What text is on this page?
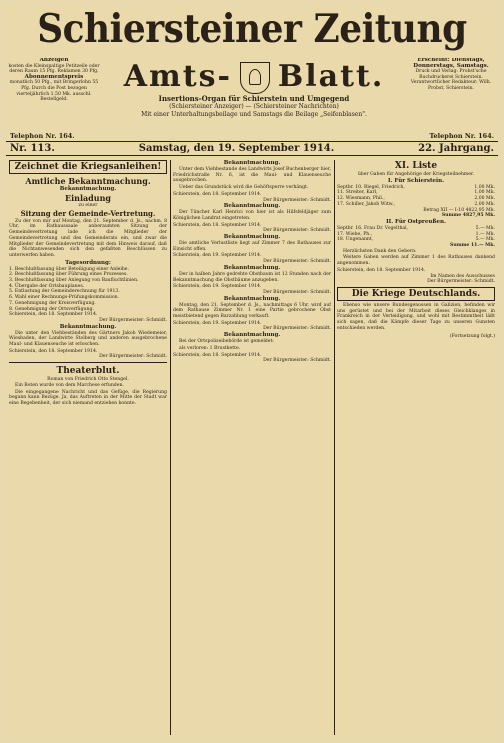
Schiersteiner Zeitung
Anzeigen
kosten die Kleinspaltige Petitzeile oder deren Raum 15 Pfg. Reklamen 30 Pfg.
Abonnementspreis
monatlich 50 Pfg., mit Bringerlohn 55 Pfg. Durch die Post bezogen vierteljährlich 1.50 Mk. ausschl. Bestellgeld.
Amts- Blatt.
Insertions-Organ für Schierstein und Umgegend
(Schiersteiner Anzeiger) — (Schiersteiner Nachrichten)
Mit einer Unterhaltungsbeilage und Samstags die Beilage „Seifenblasen".
Erscheint: Dienstags, Donnerstags, Samstags.
Druck und Verlag: Probst'sche Buchdruckerei Schierstein.
Verantwortlicher Redakteur: Wilh. Probst, Schierstein.
Telephon Nr. 164.	Telephon Nr. 164.
Nr. 113.	Samstag, den 19. September 1914.	22. Jahrgang.
Zeichnet die Kriegsanleihen!
Amtliche Bekanntmachung.
Bekanntmachung.
Einladung
zu einer
Sitzung der Gemeinde-Vertretung.

Zu der von mir auf Montag, den 21. September d. Js., nachm. 8 Uhr, im Rathaussaale anberaumten Sitzung der Gemeindevertretung lade ich die Mitglieder der Gemeindevertretung und des Gemeinderats ein, und zwar die Mitglieder der Gemeindevertretung mit dem Hinweis darauf, daß die Nichtanwesenden sich den gefaßten Beschlüssen zu unterwerfen haben.

Tagesordnung:
1. Beschlußfassung über Beteiligung einer Anleihe.
2. Beschlußfassung über Führung eines Prozesses.
3. Beschlußfassung über Anlegung von Baufluchtlinien.
4. Übergabe der Ortsbauplanes.
5. Entlastung der Gemeinderechnung für 1913.
6. Wahl einer Rechnungs-Prüfungskommission.
7. Genehmigung der Kreisverfügung.
8. Genehmigung der Ortsverfügung.
Schierstein, den 18. September 1914.
Der Bürgermeister: Schmidt.
Bekanntmachung.

Die unter den Viehbeständen des Gärtners Jakob Wiedemeier, Wiesbaden, der Landwirte Stolberg und anderen ausgebrochene Maul- und Klauenseuche ist erloschen.

Schierstein, den 18. September 1914.
Der Bürgermeister: Schmidt.
Theaterblut.
Roman von Friedrich Otto Stengel.

Ein Boten wurde von dem Marchese erfunden.

Die eingegangene Nachricht und das Gefüge, die Regierung begann kann Bezüge. Ja, das Auftreten in der Mitte der Stadt war eine Begebenheit, der sich niemand entziehen konnte.

Bekanntmachung.

Unter dem Viehbestande des Landwirts Josef Buchenberger hier, Friedrichstraße Nr. 6, ist die Maul- und Klauenseuche ausgebrochen.

Ueber das Grundstück wird die Gehöftsperre verhängt.

Schierstein, den 18. September 1914.
Der Bürgermeister: Schmidt.
Bekanntmachung.

Der Tüncher Karl Henrici von hier ist als Hilfsfeldjäger zum Königlichen Landrat eingetreten.

Schierstein, den 18. September 1914.
Der Bürgermeister: Schmidt.
Bekanntmachung.

Die amtliche Verlustliste liegt auf Zimmer 7 des Rathauses zur Einsicht offen.

Schierstein, den 19. September 1914.
Der Bürgermeister: Schmidt.
Bekanntmachung.

Der in halben Jahre gedrehte Obstbaum ist 12 Stunden nach der Bekanntmachung die Obstbäume anzugeben.

Schierstein, den 19. September 1914.
Der Bürgermeister: Schmidt.
Bekanntmachung.

Montag, den 21. September d. Js., nachmittags 6 Uhr, wird auf dem Rathause Zimmer Nr. 1 eine Partie gebrochene Obst meistbietend gegen Barzahlung verkauft.

Schierstein, den 19. September 1914.
Der Bürgermeister: Schmidt.
Bekanntmachung.

Bei der Ortspolizeibehörde ist gemeldet:

als verloren: 1 Brustkette.

Schierstein, den 18. September 1914.
Der Bürgermeister: Schmidt.
XI. Liste
über Gaben für Angehörige der Kriegsteilnehmer.
I. Für Schierstein.
Septbr. 10. Riegel, Friedrich,	1,00 Mk.
11. Streiter, Karl,	1,00 Mk.
12. Wiesmann, Phil.,	2,00 Mk.
17. Schiller, Jakob Witw.,	2,00 Mk.
Betrag XII — I-10 4822,95 Mk.
Summe 4827,95 Mk.
II. Für Ostpreußen.
Septbr. 16. Frau Dr. Vogelthal,	5.— Mk.
17. Wiehe, Ph.,	1.— Mk.
18. Ungenannt,	5.— Mk.
Summe 11.— Mk.

Herzlichsten Dank den Gebern.

Weitere Gaben werden auf Zimmer 1 des Rathauses dankend angenommen.

Schierstein, den 18. September 1914.
Im Namen des Ausschusses
Der Bürgermeister: Schmidt.
Die Kriege Deutschlands.

Ebenso wie unsere Bundesgenossen in Galizien, befinden wir uns gerüstet und bei der Mitarbeit dieses Gleichklanges in Frankreich in der Verteidigung, und wohl mit Bestimmtheit läßt sich sagen, daß die Kämpfe dieser Tage zu unseren Gunsten entschieden werden.

(Fortsetzung folgt.)
